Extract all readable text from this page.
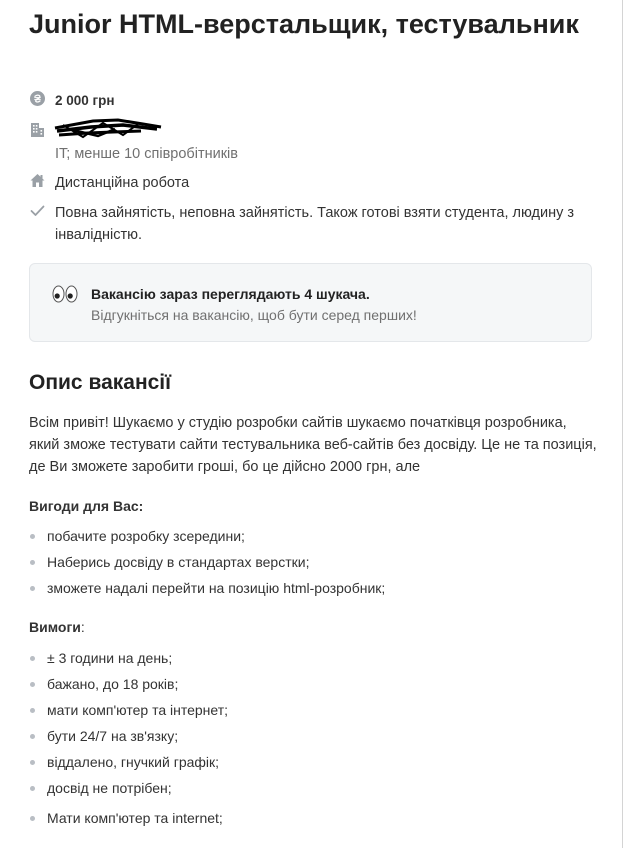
Junior HTML-верстальщик, тестувальник
2 000 грн
IT; менше 10 співробітників
Дистанційна робота
Повна зайнятість, неповна зайнятість. Також готові взяти студента, людину з інвалідністю.
Вакансію зараз переглядають 4 шукача.
Відгукніться на вакансію, щоб бути серед перших!
Опис вакансії

Всім привіт! Шукаємо у студію розробки сайтів шукаємо початківця розробника, який зможе тестувати сайти тестувальника веб-сайтів без досвіду. Це не та позиція, де Ви зможете заробити гроші, бо це дійсно 2000 грн, але

Вигоди для Вас:

побачите розробку зсередини;
Наберись досвіду в стандартах верстки;
зможете надалі перейти на позицію html-розробник;

Вимоги:

± 3 години на день;
бажано, до 18 років;
мати комп'ютер та інтернет;
бути 24/7 на зв'язку;
віддалено, гнучкий графік;
досвід не потрібен;
Мати комп'ютер та internet;
